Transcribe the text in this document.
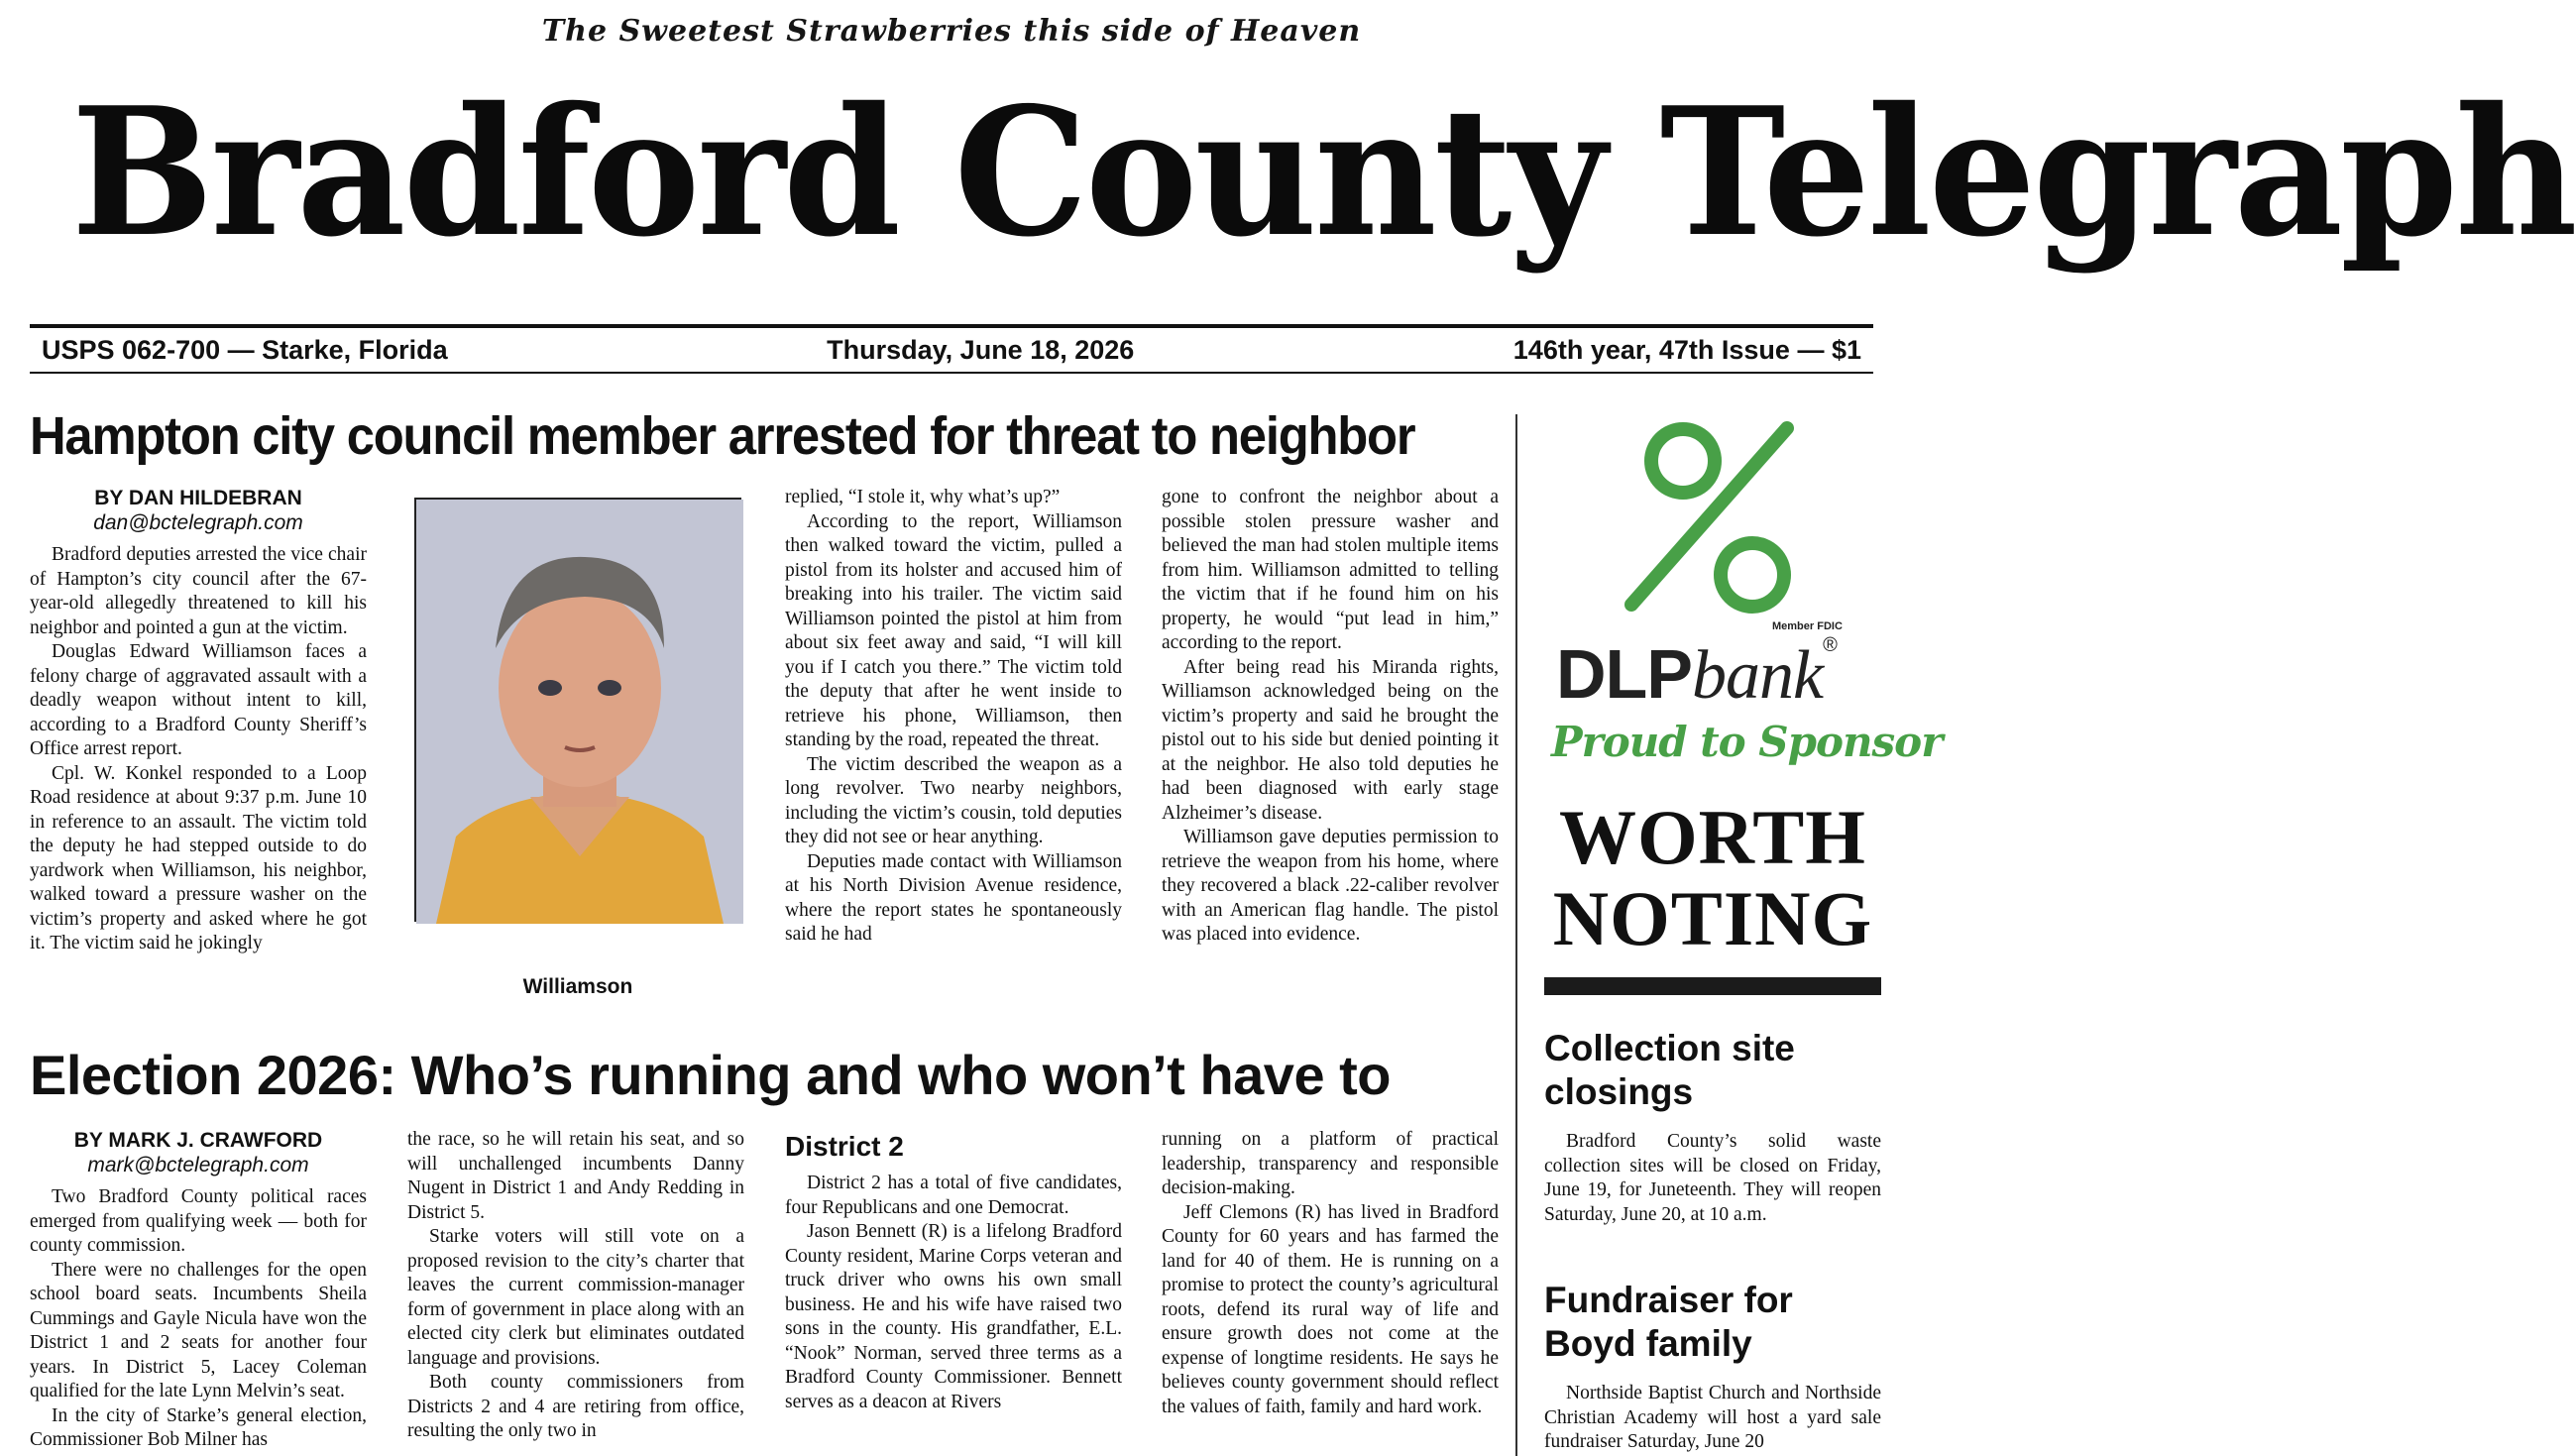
The Sweetest Strawberries this side of Heaven
Bradford County Telegraph
USPS 062-700 — Starke, Florida	Thursday, June 18, 2026	146th year, 47th Issue — $1
Hampton city council member arrested for threat to neighbor
BY DAN HILDEBRAN
dan@bctelegraph.com

Bradford deputies arrested the vice chair of Hampton’s city council after the 67-year-old allegedly threatened to kill his neighbor and pointed a gun at the victim.

Douglas Edward Williamson faces a felony charge of aggravated assault with a deadly weapon without intent to kill, according to a Bradford County Sheriff’s Office arrest report.

Cpl. W. Konkel responded to a Loop Road residence at about 9:37 p.m. June 10 in reference to an assault. The victim told the deputy he had stepped outside to do yardwork when Williamson, his neighbor, walked toward a pressure washer on the victim’s property and asked where he got it. The victim said he jokingly

Williamson
replied, “I stole it, why what’s up?”

According to the report, Williamson then walked toward the victim, pulled a pistol from its holster and accused him of breaking into his trailer. The victim said Williamson pointed the pistol at him from about six feet away and said, “I will kill you if I catch you there.” The victim told the deputy that after he went inside to retrieve his phone, Williamson, then standing by the road, repeated the threat.

The victim described the weapon as a long revolver. Two nearby neighbors, including the victim’s cousin, told deputies they did not see or hear anything.

Deputies made contact with Williamson at his North Division Avenue residence, where the report states he spontaneously said he had

gone to confront the neighbor about a possible stolen pressure washer and believed the man had stolen multiple items from him. Williamson admitted to telling the victim that if he found him on his property, he would “put lead in him,” according to the report.

After being read his Miranda rights, Williamson acknowledged being on the victim’s property and said he brought the pistol out to his side but denied pointing it at the neighbor. He also told deputies he had been diagnosed with early stage Alzheimer’s disease.

Williamson gave deputies permission to retrieve the weapon from his home, where they recovered a black .22-caliber revolver with an American flag handle. The pistol was placed into evidence.

Election 2026: Who’s running and who won’t have to
BY MARK J. CRAWFORD
mark@bctelegraph.com

Two Bradford County political races emerged from qualifying week — both for county commission.

There were no challenges for the open school board seats. Incumbents Sheila Cummings and Gayle Nicula have won the District 1 and 2 seats for another four years. In District 5, Lacey Coleman qualified for the late Lynn Melvin’s seat.

In the city of Starke’s general election, Commissioner Bob Milner has

the race, so he will retain his seat, and so will unchallenged incumbents Danny Nugent in District 1 and Andy Redding in District 5.

Starke voters will still vote on a proposed revision to the city’s charter that leaves the current commission-manager form of government in place along with an elected city clerk but eliminates outdated language and provisions.

Both county commissioners from Districts 2 and 4 are retiring from office, resulting the only two in

District 2

District 2 has a total of five candidates, four Republicans and one Democrat.

Jason Bennett (R) is a lifelong Bradford County resident, Marine Corps veteran and truck driver who owns his own small business. He and his wife have raised two sons in the county. His grandfather, E.L. “Nook” Norman, served three terms as a Bradford County Commissioner. Bennett serves as a deacon at Rivers

running on a platform of practical leadership, transparency and responsible decision-making.

Jeff Clemons (R) has lived in Bradford County for 60 years and has farmed the land for 40 of them. He is running on a promise to protect the county’s agricultural roots, defend its rural way of life and ensure growth does not come at the expense of longtime residents. He says he believes county government should reflect the values of faith, family and hard work.

Member FDIC
DLPbank®
Proud to Sponsor
WORTH
NOTING
Collection site closings

Bradford County’s solid waste collection sites will be closed on Friday, June 19, for Juneteenth. They will reopen Saturday, June 20, at 10 a.m.

Fundraiser for Boyd family

Northside Baptist Church and Northside Christian Academy will host a yard sale fundraiser Saturday, June 20
